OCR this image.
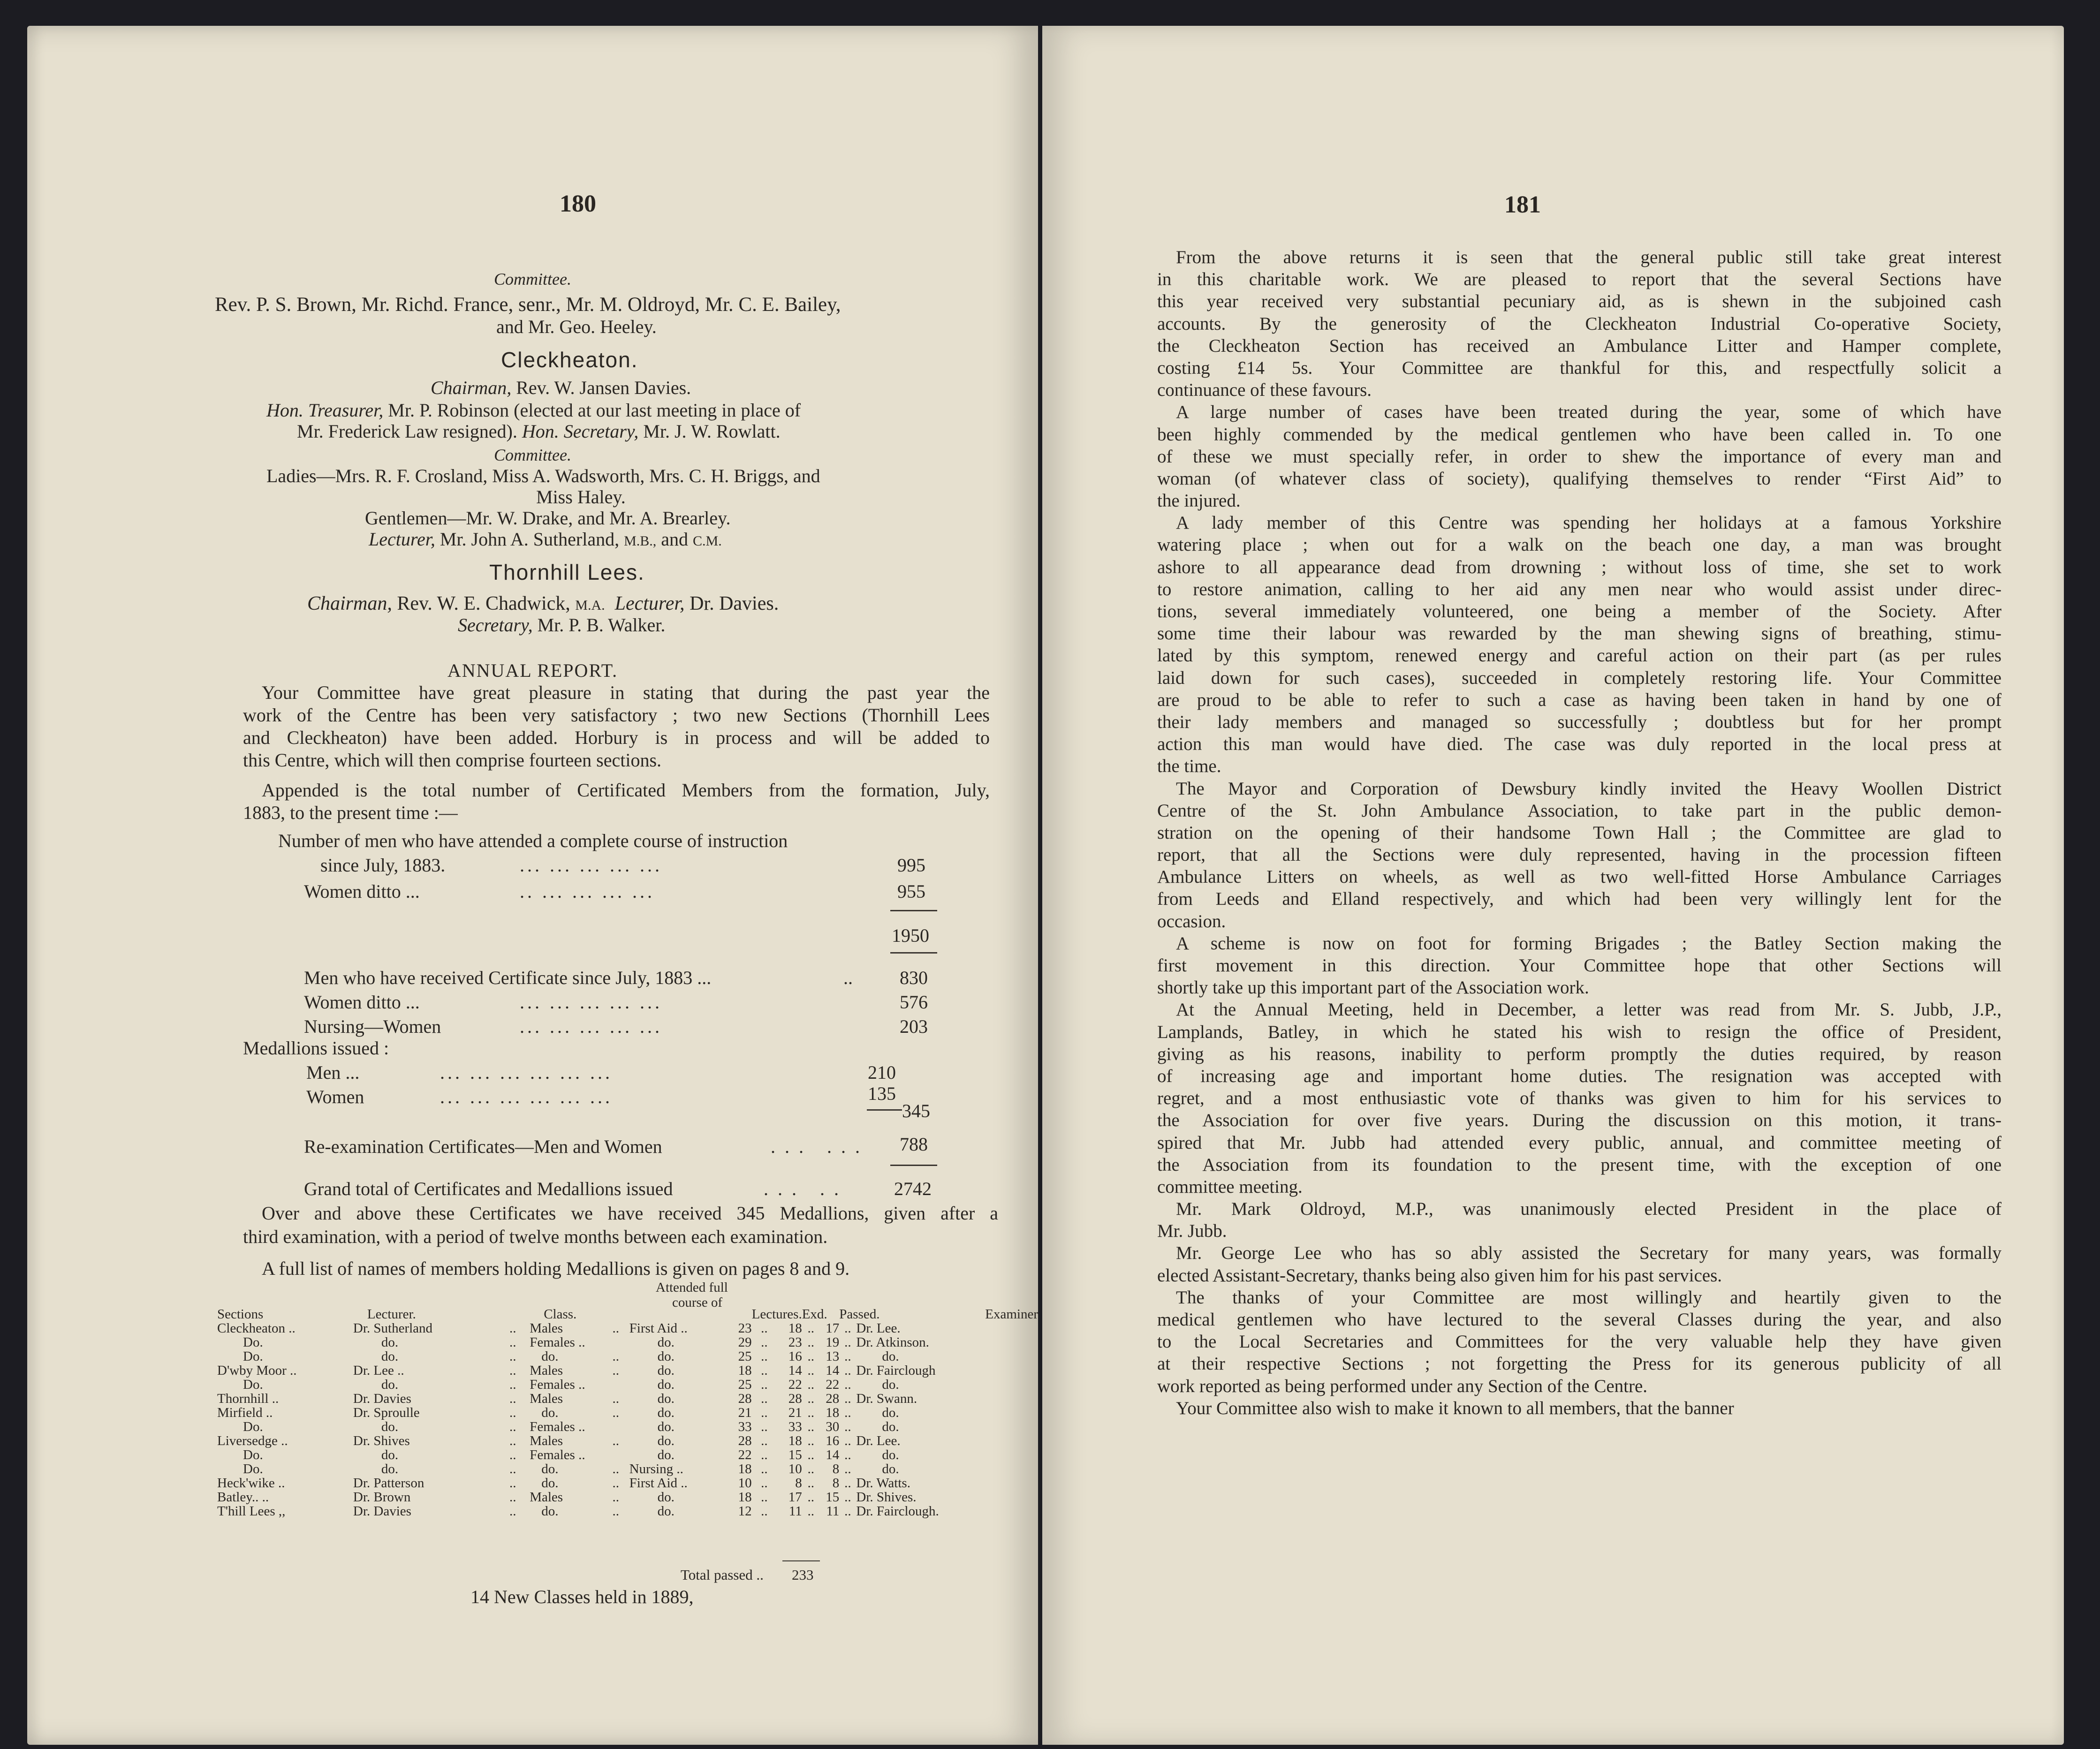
180
Committee.
Rev. P. S. Brown, Mr. Richd. France, senr., Mr. M. Oldroyd, Mr. C. E. Bailey,
and Mr. Geo. Heeley.
Cleckheaton.
Chairman, Rev. W. Jansen Davies.
Hon. Treasurer, Mr. P. Robinson (elected at our last meeting in place of
Mr. Frederick Law resigned). Hon. Secretary, Mr. J. W. Rowlatt.
Committee.
Ladies—Mrs. R. F. Crosland, Miss A. Wadsworth, Mrs. C. H. Briggs, and
Miss Haley.
Gentlemen—Mr. W. Drake, and Mr. A. Brearley.
Lecturer, Mr. John A. Sutherland, M.B., and C.M.
Thornhill Lees.
Chairman, Rev. W. E. Chadwick, M.A. Lecturer, Dr. Davies.
Secretary, Mr. P. B. Walker.
ANNUAL REPORT.
Your Committee have great pleasure in stating that during the past year the
work of the Centre has been very satisfactory ; two new Sections (Thornhill Lees
and Cleckheaton) have been added. Horbury is in process and will be added to
this Centre, which will then comprise fourteen sections.
Appended is the total number of Certificated Members from the formation, July,
1883, to the present time :—
Number of men who have attended a complete course of instruction
since July, 1883.	... ... ... ... ...	995
Women ditto ...	.. ... ... ... ...	955
1950
Men who have received Certificate since July, 1883 ...	..	830
Women ditto ...	... ... ... ... ...	576
Nursing—Women	... ... ... ... ...	203
Medallions issued :
Men ...	... ... ... ... ... ...	210
Women	... ... ... ... ... ...	135
345
Re-examination Certificates—Men and Women	... ... 788
Grand total of Certificates and Medallions issued	... .. 2742
Over and above these Certificates we have received 345 Medallions, given after a
third examination, with a period of twelve months between each examination.
A full list of names of members holding Medallions is given on pages 8 and 9.
Attended full
course of
Sections	Lecturer.		Class.				Lectures.		Exd.		Passed.		Examiner
Cleckheaton ..	Dr. Sutherland	..	Males	..	First Aid ..	23	..	18	..	17	..	Dr. Lee.	
Do.	do.	..	Females ..		do.	29	..	23	..	19	..	Dr. Atkinson.	
Do.	do.	..	do.	..	do.	25	..	16	..	13	..	do.	
D'wby Moor ..	Dr. Lee ..	..	Males	..	do.	18	..	14	..	14	..	Dr. Fairclough	
Do.	do.	..	Females ..		do.	25	..	22	..	22	..	do.	
Thornhill ..	Dr. Davies	..	Males	..	do.	28	..	28	..	28	..	Dr. Swann.	
Mirfield ..	Dr. Sproulle	..	do.	..	do.	21	..	21	..	18	..	do.	
Do.	do.	..	Females ..		do.	33	..	33	..	30	..	do.	
Liversedge ..	Dr. Shives	..	Males	..	do.	28	..	18	..	16	..	Dr. Lee.	
Do.	do.	..	Females ..		do.	22	..	15	..	14	..	do.	
Do.	do.	..	do.	..	Nursing ..	18	..	10	..	8	..	do.	
Heck'wike ..	Dr. Patterson	..	do.	..	First Aid ..	10	..	8	..	8	..	Dr. Watts.	
Batley.. ..	Dr. Brown	..	Males	..	do.	18	..	17	..	15	..	Dr. Shives.	
T'hill Lees ,,	Dr. Davies	..	do.	..	do.	12	..	11	..	11	..	Dr. Fairclough.	
Total passed .. 233
14 New Classes held in 1889,
181
From the above returns it is seen that the general public still take great interest
in this charitable work. We are pleased to report that the several Sections have
this year received very substantial pecuniary aid, as is shewn in the subjoined cash
accounts. By the generosity of the Cleckheaton Industrial Co-operative Society,
the Cleckheaton Section has received an Ambulance Litter and Hamper complete,
costing £14 5s. Your Committee are thankful for this, and respectfully solicit a
continuance of these favours.
A large number of cases have been treated during the year, some of which have
been highly commended by the medical gentlemen who have been called in. To one
of these we must specially refer, in order to shew the importance of every man and
woman (of whatever class of society), qualifying themselves to render “First Aid” to
the injured.
A lady member of this Centre was spending her holidays at a famous Yorkshire
watering place ; when out for a walk on the beach one day, a man was brought
ashore to all appearance dead from drowning ; without loss of time, she set to work
to restore animation, calling to her aid any men near who would assist under direc-
tions, several immediately volunteered, one being a member of the Society. After
some time their labour was rewarded by the man shewing signs of breathing, stimu-
lated by this symptom, renewed energy and careful action on their part (as per rules
laid down for such cases), succeeded in completely restoring life. Your Committee
are proud to be able to refer to such a case as having been taken in hand by one of
their lady members and managed so successfully ; doubtless but for her prompt
action this man would have died. The case was duly reported in the local press at
the time.
The Mayor and Corporation of Dewsbury kindly invited the Heavy Woollen District
Centre of the St. John Ambulance Association, to take part in the public demon-
stration on the opening of their handsome Town Hall ; the Committee are glad to
report, that all the Sections were duly represented, having in the procession fifteen
Ambulance Litters on wheels, as well as two well-fitted Horse Ambulance Carriages
from Leeds and Elland respectively, and which had been very willingly lent for the
occasion.
A scheme is now on foot for forming Brigades ; the Batley Section making the
first movement in this direction. Your Committee hope that other Sections will
shortly take up this important part of the Association work.
At the Annual Meeting, held in December, a letter was read from Mr. S. Jubb, J.P.,
Lamplands, Batley, in which he stated his wish to resign the office of President,
giving as his reasons, inability to perform promptly the duties required, by reason
of increasing age and important home duties. The resignation was accepted with
regret, and a most enthusiastic vote of thanks was given to him for his services to
the Association for over five years. During the discussion on this motion, it trans-
spired that Mr. Jubb had attended every public, annual, and committee meeting of
the Association from its foundation to the present time, with the exception of one
committee meeting.
Mr. Mark Oldroyd, M.P., was unanimously elected President in the place of
Mr. Jubb.
Mr. George Lee who has so ably assisted the Secretary for many years, was formally
elected Assistant-Secretary, thanks being also given him for his past services.
The thanks of your Committee are most willingly and heartily given to the
medical gentlemen who have lectured to the several Classes during the year, and also
to the Local Secretaries and Committees for the very valuable help they have given
at their respective Sections ; not forgetting the Press for its generous publicity of all
work reported as being performed under any Section of the Centre.
Your Committee also wish to make it known to all members, that the banner
